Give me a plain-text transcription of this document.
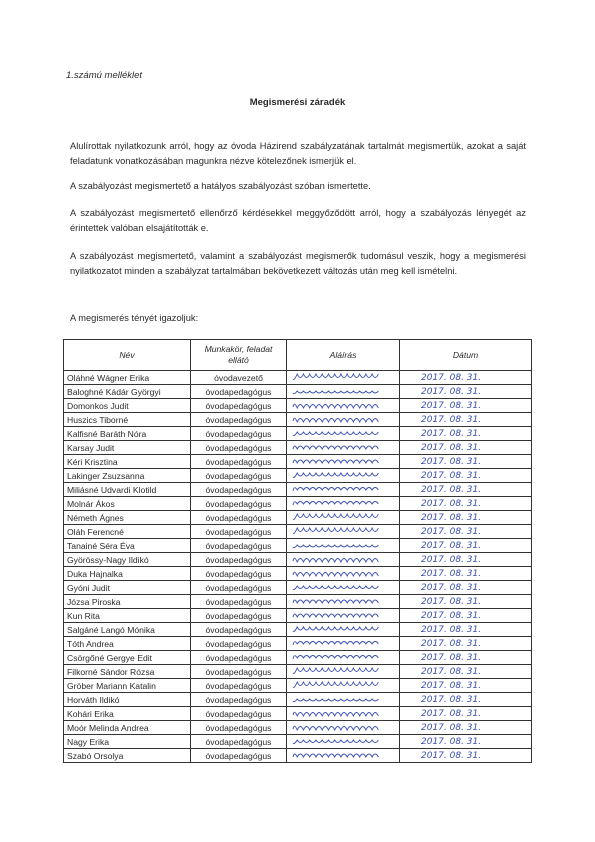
1.számú melléklet
Megismerési záradék
Alulírottak nyilatkozunk arról, hogy az óvoda Házirend szabályzatának tartalmát megismertük, azokat a saját feladatunk vonatkozásában magunkra nézve kötelezőnek ismerjük el.
A szabályozást megismertető a hatályos szabályozást szóban ismertette.
A szabályozást megismertető ellenőrző kérdésekkel meggyőződött arról, hogy a szabályozás lényegét az érintettek valóban elsajátították e.
A szabályozást megismertető, valamint a szabályozást megismerők tudomásul veszik, hogy a megismerési nyilatkozatot minden a szabályzat tartalmában bekövetkezett változás után meg kell ismételni.
A megismerés tényét igazoljuk:
Név	Munkakör, feladat ellátó	Aláírás	Dátum
Oláhné Wágner Erika	óvodavezető		2017. 08. 31.
Baloghné Kádár Györgyi	óvodapedagógus		2017. 08. 31.
Domonkos Judit	óvodapedagógus		2017. 08. 31.
Huszics Tiborné	óvodapedagógus		2017. 08. 31.
Kalfisné Baráth Nóra	óvodapedagógus		2017. 08. 31.
Karsay Judit	óvodapedagógus		2017. 08. 31.
Kéri Krisztina	óvodapedagógus		2017. 08. 31.
Lakinger Zsuzsanna	óvodapedagógus		2017. 08. 31.
Miliásné Udvardi Klotild	óvodapedagógus		2017. 08. 31.
Molnár Ákos	óvodapedagógus		2017. 08. 31.
Németh Ágnes	óvodapedagógus		2017. 08. 31.
Oláh Ferencné	óvodapedagógus		2017. 08. 31.
Tanainé Séra Éva	óvodapedagógus		2017. 08. 31.
Györössy-Nagy Ildikó	óvodapedagógus		2017. 08. 31.
Duka Hajnalka	óvodapedagógus		2017. 08. 31.
Gyóni Judit	óvodapedagógus		2017. 08. 31.
Józsa Piroska	óvodapedagógus		2017. 08. 31.
Kun Rita	óvodapedagógus		2017. 08. 31.
Salgáné Langó Mónika	óvodapedagógus		2017. 08. 31.
Tóth Andrea	óvodapedagógus		2017. 08. 31.
Csörgőné Gergye Edit	óvodapedagógus		2017. 08. 31.
Filkorné Sándor Rózsa	óvodapedagógus		2017. 08. 31.
Gröber Mariann Katalin	óvodapedagógus		2017. 08. 31.
Horváth Ildikó	óvodapedagógus		2017. 08. 31.
Kohári Erika	óvodapedagógus		2017. 08. 31.
Moór Melinda Andrea	óvodapedagógus		2017. 08. 31.
Nagy Erika	óvodapedagógus		2017. 08. 31.
Szabó Orsolya	óvodapedagógus		2017. 08. 31.
